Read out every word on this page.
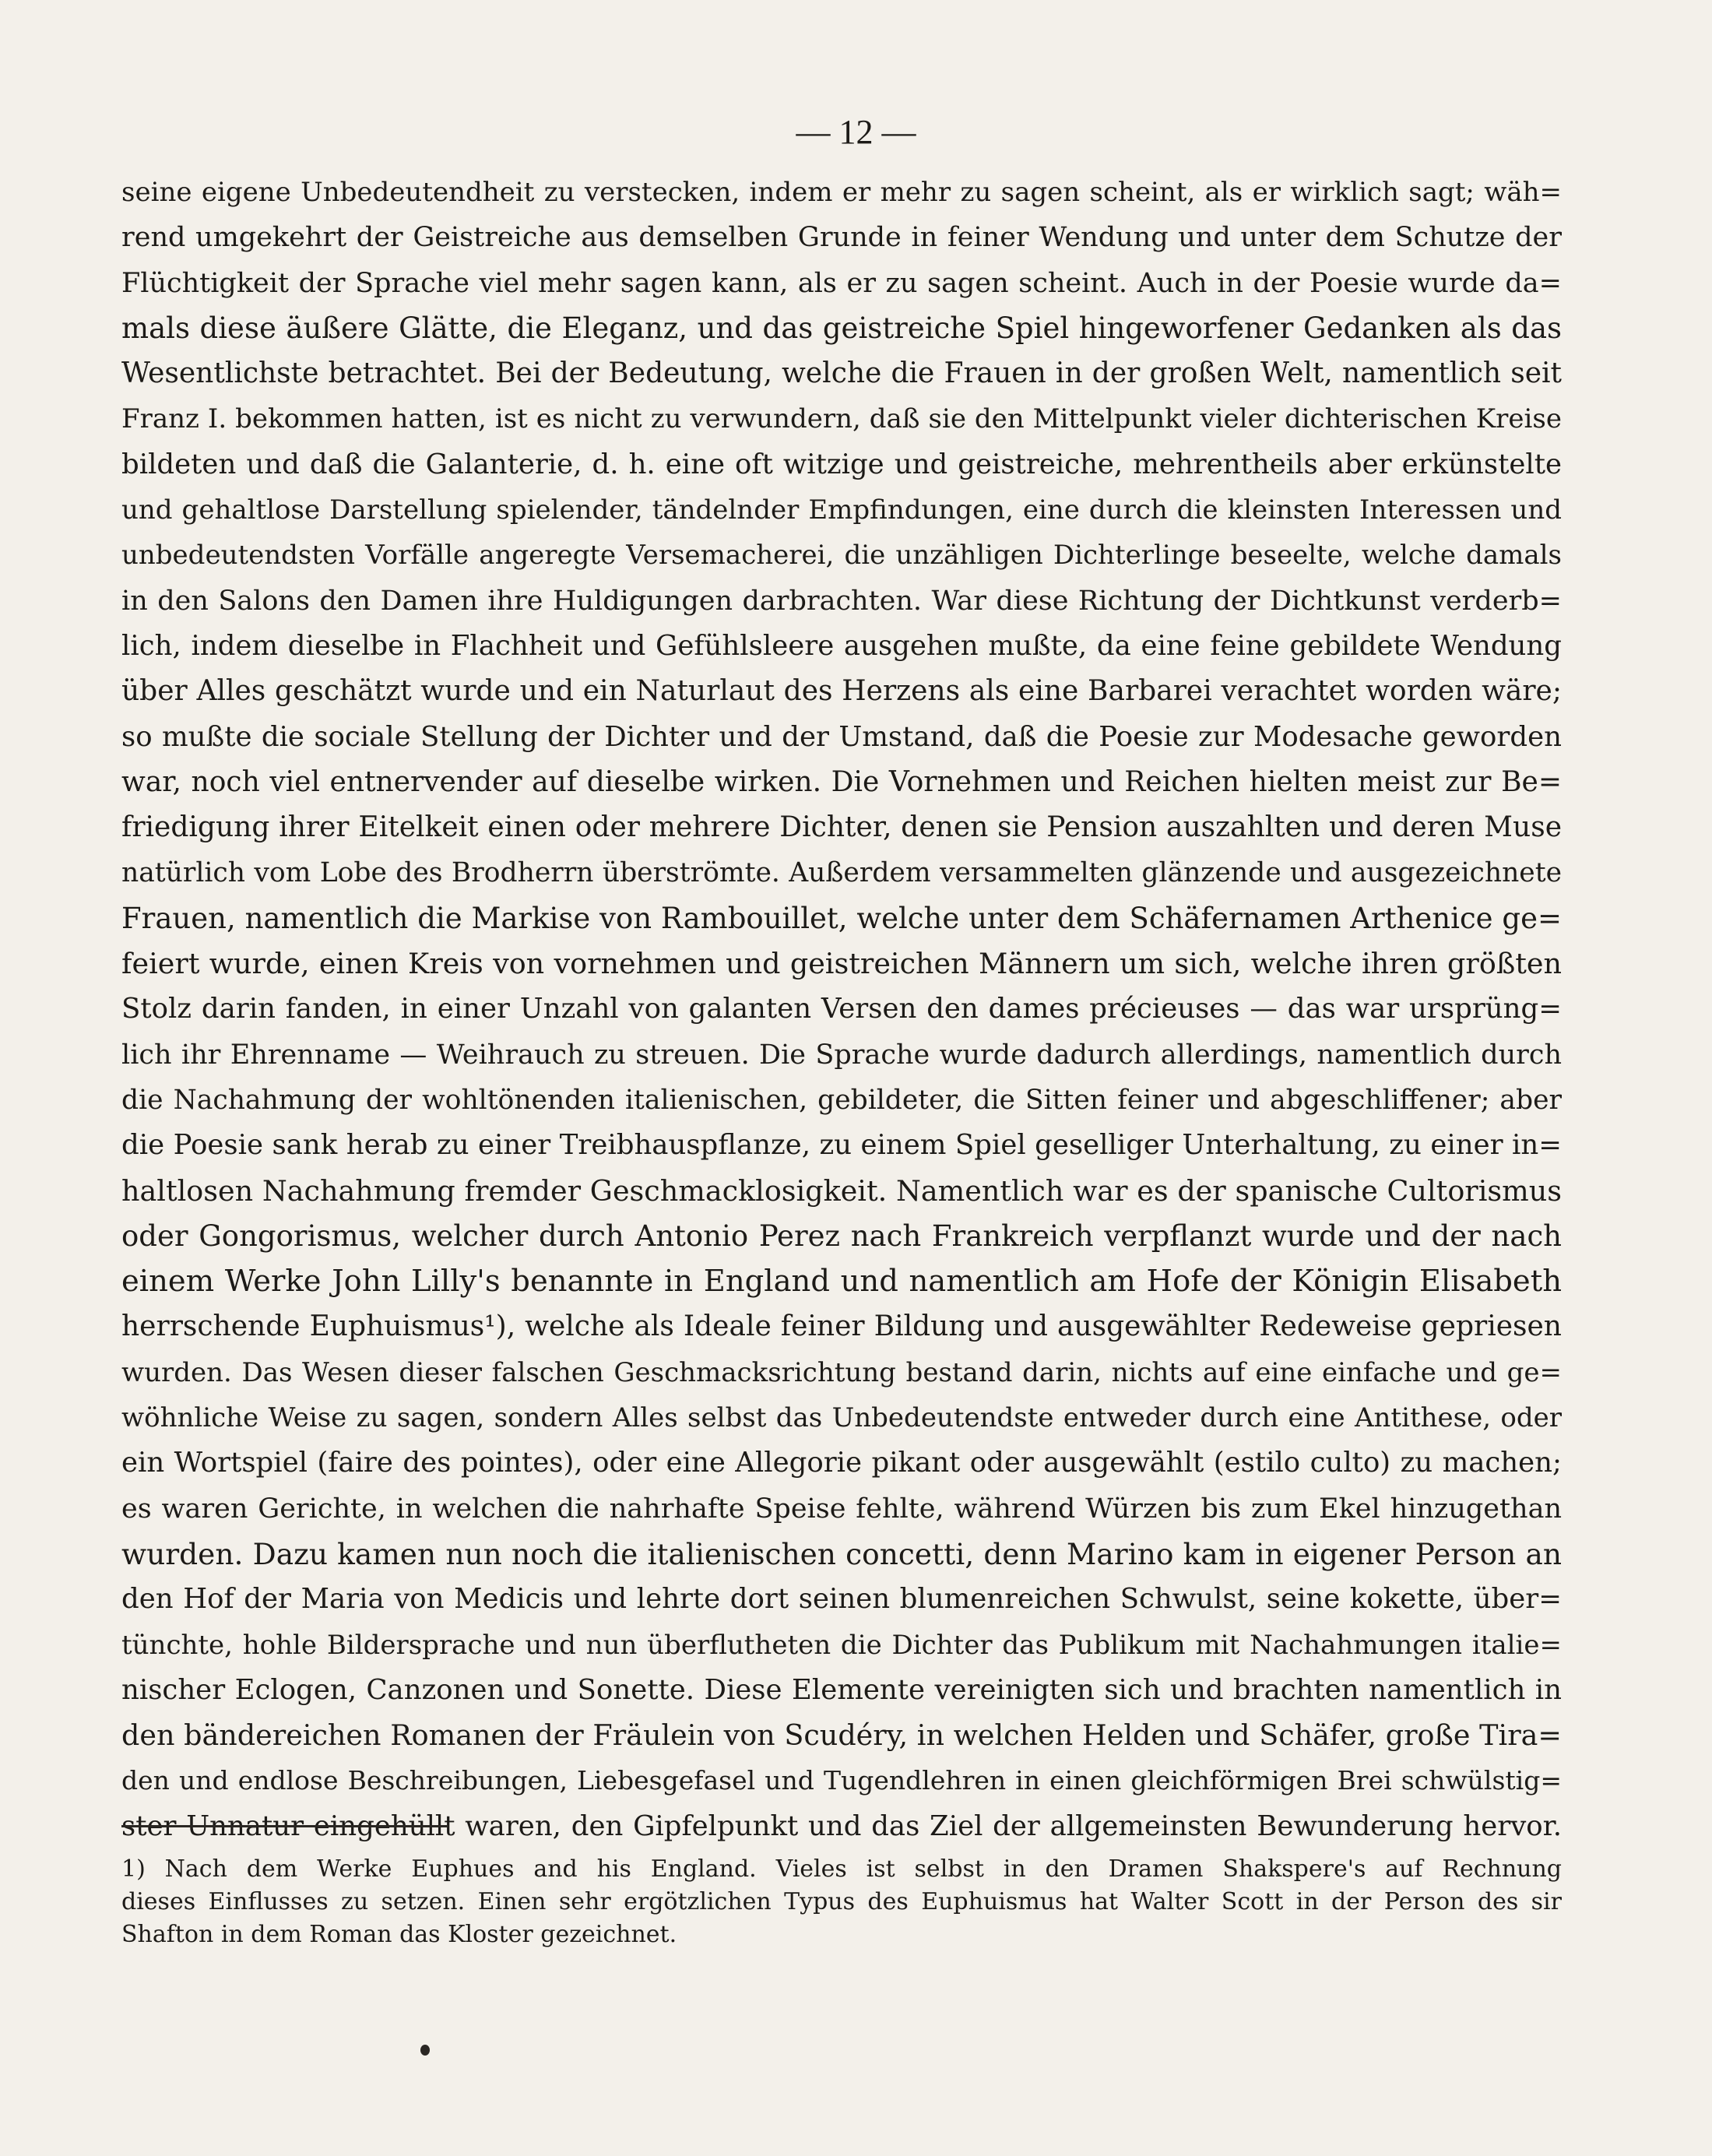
— 12 —
seine eigene Unbedeutendheit zu verstecken, indem er mehr zu sagen scheint, als er wirklich sagt; wäh=
rend umgekehrt der Geistreiche aus demselben Grunde in feiner Wendung und unter dem Schutze der
Flüchtigkeit der Sprache viel mehr sagen kann, als er zu sagen scheint. Auch in der Poesie wurde da=
mals diese äußere Glätte, die Eleganz, und das geistreiche Spiel hingeworfener Gedanken als das
Wesentlichste betrachtet. Bei der Bedeutung, welche die Frauen in der großen Welt, namentlich seit
Franz I. bekommen hatten, ist es nicht zu verwundern, daß sie den Mittelpunkt vieler dichterischen Kreise
bildeten und daß die Galanterie, d. h. eine oft witzige und geistreiche, mehrentheils aber erkünstelte
und gehaltlose Darstellung spielender, tändelnder Empfindungen, eine durch die kleinsten Interessen und
unbedeutendsten Vorfälle angeregte Versemacherei, die unzähligen Dichterlinge beseelte, welche damals
in den Salons den Damen ihre Huldigungen darbrachten. War diese Richtung der Dichtkunst verderb=
lich, indem dieselbe in Flachheit und Gefühlsleere ausgehen mußte, da eine feine gebildete Wendung
über Alles geschätzt wurde und ein Naturlaut des Herzens als eine Barbarei verachtet worden wäre;
so mußte die sociale Stellung der Dichter und der Umstand, daß die Poesie zur Modesache geworden
war, noch viel entnervender auf dieselbe wirken. Die Vornehmen und Reichen hielten meist zur Be=
friedigung ihrer Eitelkeit einen oder mehrere Dichter, denen sie Pension auszahlten und deren Muse
natürlich vom Lobe des Brodherrn überströmte. Außerdem versammelten glänzende und ausgezeichnete
Frauen, namentlich die Markise von Rambouillet, welche unter dem Schäfernamen Arthenice ge=
feiert wurde, einen Kreis von vornehmen und geistreichen Männern um sich, welche ihren größten
Stolz darin fanden, in einer Unzahl von galanten Versen den dames précieuses — das war ursprüng=
lich ihr Ehrenname — Weihrauch zu streuen. Die Sprache wurde dadurch allerdings, namentlich durch
die Nachahmung der wohltönenden italienischen, gebildeter, die Sitten feiner und abgeschliffener; aber
die Poesie sank herab zu einer Treibhauspflanze, zu einem Spiel geselliger Unterhaltung, zu einer in=
haltlosen Nachahmung fremder Geschmacklosigkeit. Namentlich war es der spanische Cultorismus
oder Gongorismus, welcher durch Antonio Perez nach Frankreich verpflanzt wurde und der nach
einem Werke John Lilly's benannte in England und namentlich am Hofe der Königin Elisabeth
herrschende Euphuismus¹), welche als Ideale feiner Bildung und ausgewählter Redeweise gepriesen
wurden. Das Wesen dieser falschen Geschmacksrichtung bestand darin, nichts auf eine einfache und ge=
wöhnliche Weise zu sagen, sondern Alles selbst das Unbedeutendste entweder durch eine Antithese, oder
ein Wortspiel (faire des pointes), oder eine Allegorie pikant oder ausgewählt (estilo culto) zu machen;
es waren Gerichte, in welchen die nahrhafte Speise fehlte, während Würzen bis zum Ekel hinzugethan
wurden. Dazu kamen nun noch die italienischen concetti, denn Marino kam in eigener Person an
den Hof der Maria von Medicis und lehrte dort seinen blumenreichen Schwulst, seine kokette, über=
tünchte, hohle Bildersprache und nun überflutheten die Dichter das Publikum mit Nachahmungen italie=
nischer Eclogen, Canzonen und Sonette. Diese Elemente vereinigten sich und brachten namentlich in
den bändereichen Romanen der Fräulein von Scudéry, in welchen Helden und Schäfer, große Tira=
den und endlose Beschreibungen, Liebesgefasel und Tugendlehren in einen gleichförmigen Brei schwülstig=
ster Unnatur eingehüllt waren, den Gipfelpunkt und das Ziel der allgemeinsten Bewunderung hervor.
1) Nach dem Werke Euphues and his England. Vieles ist selbst in den Dramen Shakspere's auf Rechnung
dieses Einflusses zu setzen. Einen sehr ergötzlichen Typus des Euphuismus hat Walter Scott in der Person des sir
Shafton in dem Roman das Kloster gezeichnet.
